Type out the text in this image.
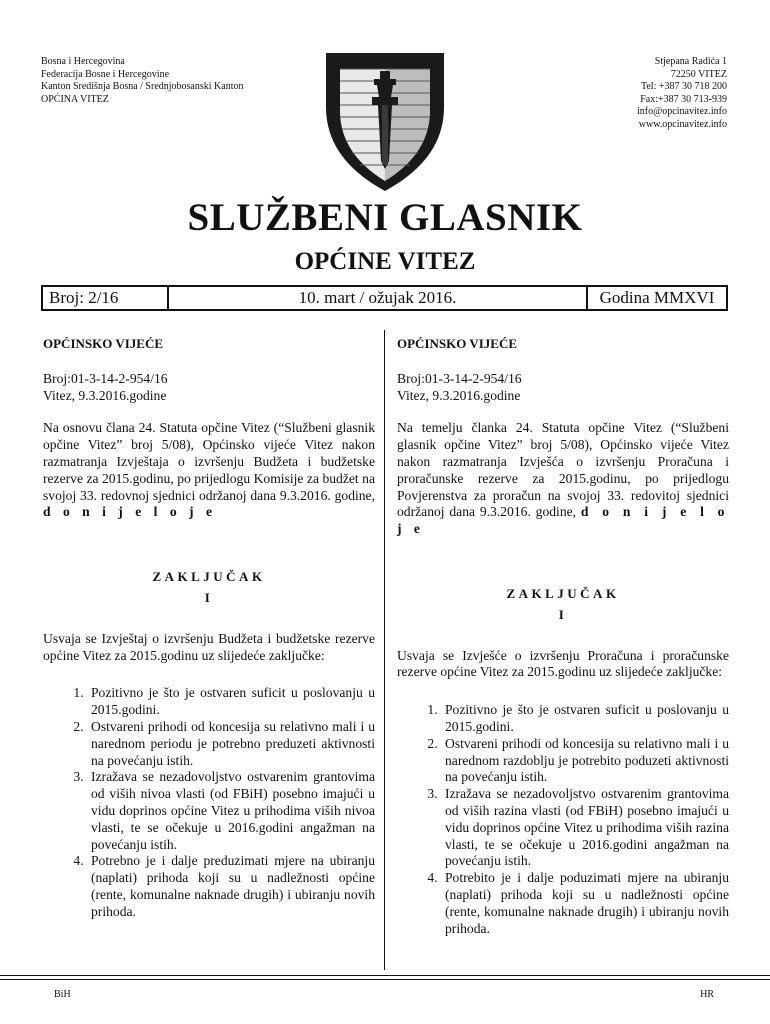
Bosna i Hercegovina
Federacija Bosne i Hercegovine
Kanton Središnja Bosna / Srednjobosanski Kanton
OPĆINA VITEZ
Stjepana Radića 1
72250 VITEZ
Tel: +387 30 718 200
Fax:+387 30 713-939
info@opcinavitez.info
www.opcinavitez.info
SLUŽBENI GLASNIK
OPĆINE VITEZ
Broj: 2/16	10. mart / ožujak 2016.	Godina MMXVI

OPĆINSKO VIJEĆE

Broj:01-3-14-2-954/16

Vitez, 9.3.2016.godine

Na osnovu člana 24. Statuta opčine Vitez (“Službeni glasnik opčine Vitez” broj 5/08), Općinsko vijeće Vitez nakon razmatranja Izvještaja o izvršenju Budžeta i budžetske rezerve za 2015.godinu, po prijedlogu Komisije za budžet na svojoj 33. redovnoj sjednici održanoj dana 9.3.2016. godine, d o n i j e l o j e

ZAKLJUČAK

I

Usvaja se Izvještaj o izvršenju Budžeta i budžetske rezerve općine Vitez za 2015.godinu uz slijedeće zaključke:

1. Pozitivno je što je ostvaren suficit u poslovanju u 2015.godini.
2. Ostvareni prihodi od koncesija su relativno mali i u narednom periodu je potrebno preduzeti aktivnosti na povećanju istih.
3. Izražava se nezadovoljstvo ostvarenim grantovima od viših nivoa vlasti (od FBiH) posebno imajući u vidu doprinos općine Vitez u prihodima viših nivoa vlasti, te se očekuje u 2016.godini angažman na povećanju istih.
4. Potrebno je i dalje preduzimati mjere na ubiranju (naplati) prihoda koji su u nadležnosti općine (rente, komunalne naknade drugih) i ubiranju novih prihoda.

OPĆINSKO VIJEĆE

Broj:01-3-14-2-954/16

Vitez, 9.3.2016.godine

Na temelju članka 24. Statuta opčine Vitez (“Službeni glasnik opčine Vitez” broj 5/08), Općinsko vijeće Vitez nakon razmatranja Izvješća o izvršenju Proračuna i proračunske rezerve za 2015.godinu, po prijedlogu Povjerenstva za proračun na svojoj 33. redovitoj sjednici održanoj dana 9.3.2016. godine, d o n i j e l o j e

ZAKLJUČAK

I

Usvaja se Izvješće o izvršenju Proračuna i proračunske rezerve općine Vitez za 2015.godinu uz slijedeće zaključke:

1. Pozitivno je što je ostvaren suficit u poslovanju u 2015.godini.
2. Ostvareni prihodi od koncesija su relativno mali i u narednom razdoblju je potrebito poduzeti aktivnosti na povećanju istih.
3. Izražava se nezadovoljstvo ostvarenim grantovima od viših razina vlasti (od FBiH) posebno imajući u vidu doprinos općine Vitez u prihodima viših razina vlasti, te se očekuje u 2016.godini angažman na povećanju istih.
4. Potrebito je i dalje poduzimati mjere na ubiranju (naplati) prihoda koji su u nadležnosti općine (rente, komunalne naknade drugih) i ubiranju novih prihoda.
BiH	HR
